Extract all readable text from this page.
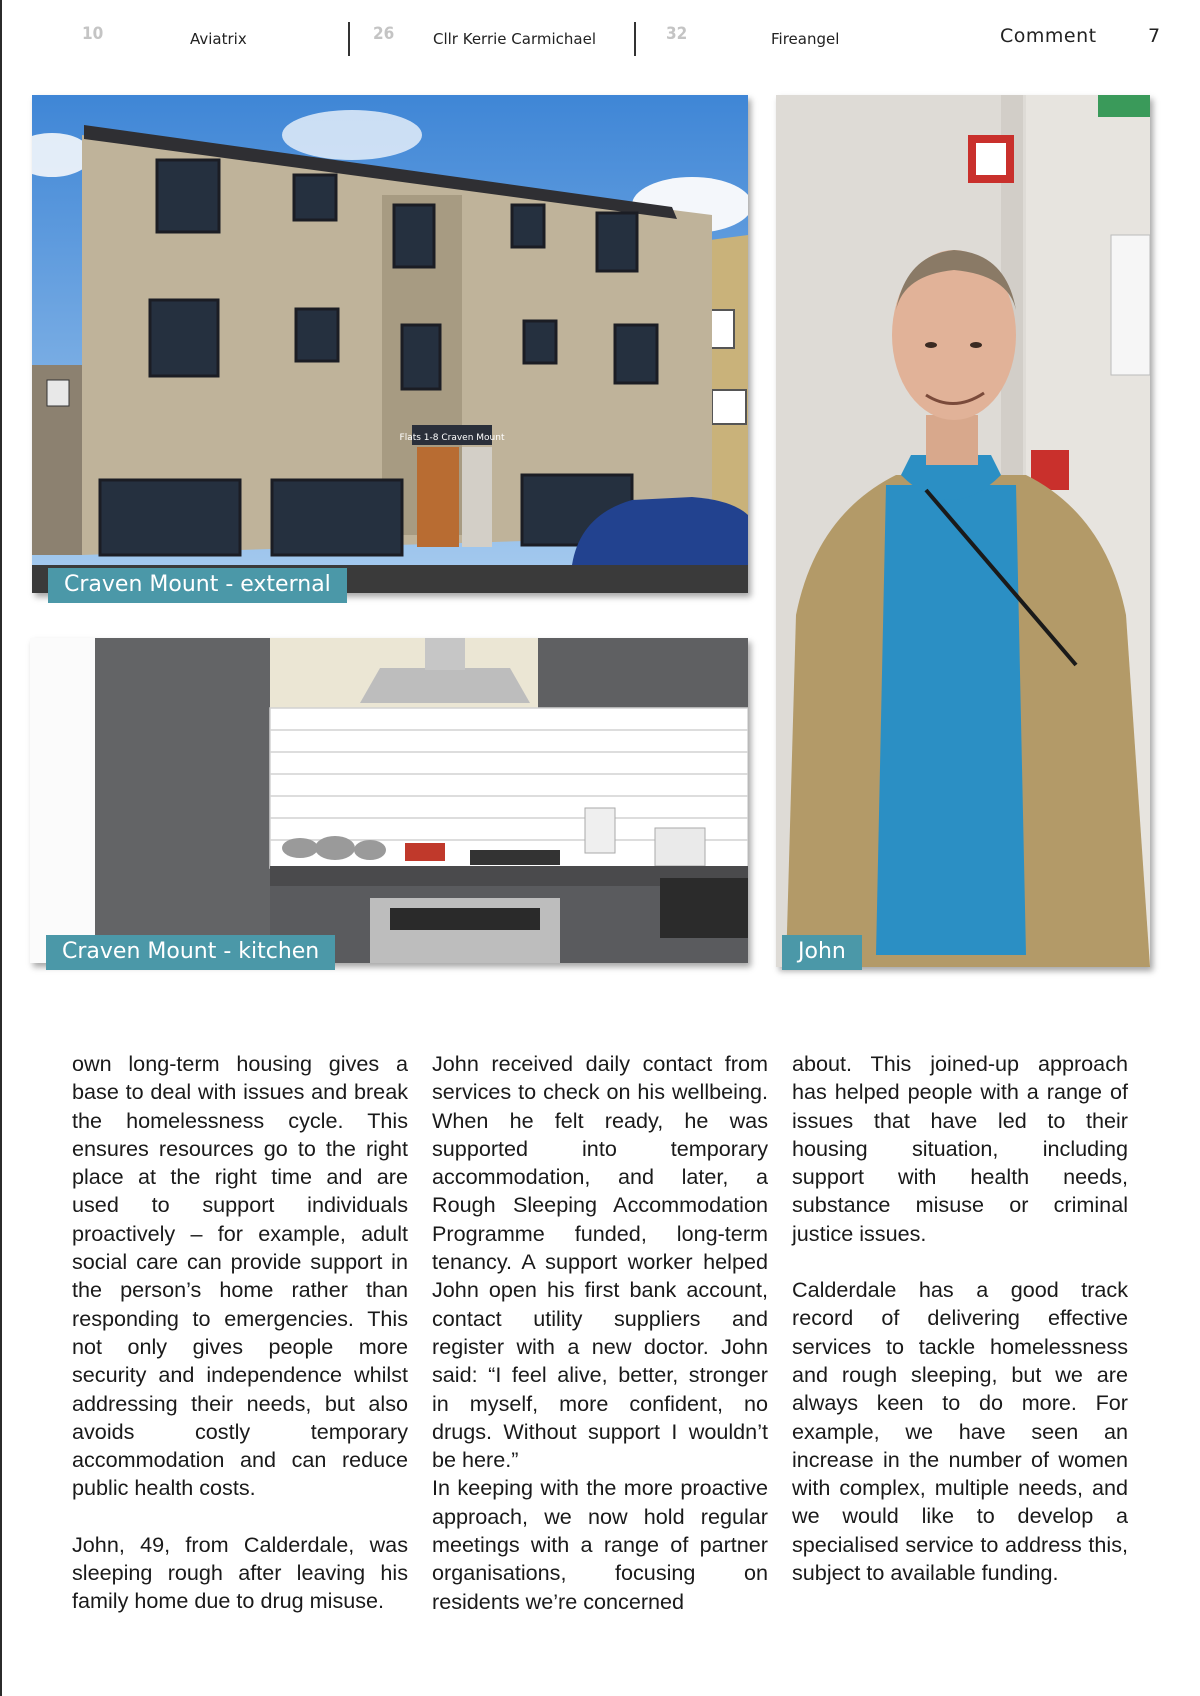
10	Aviatrix	26	Cllr Kerrie Carmichael	32	Fireangel	Comment	7
Flats 1-8 Craven Mount
Craven Mount - external
Craven Mount - kitchen	John

own long-term housing gives a base to deal with issues and break the homelessness cycle. This ensures resources go to the right place at the right time and are used to support individuals proactively – for example, adult social care can provide support in the person’s home rather than responding to emergencies. This not only gives people more security and independence whilst addressing their needs, but also avoids costly temporary accommodation and can reduce public health costs.

John, 49, from Calderdale, was sleeping rough after leaving his family home due to drug misuse.

John received daily contact from services to check on his wellbeing. When he felt ready, he was supported into temporary accommodation, and later, a Rough Sleeping Accommodation Programme funded, long-term tenancy. A support worker helped John open his first bank account, contact utility suppliers and register with a new doctor. John said: “I feel alive, better, stronger in myself, more confident, no drugs. Without support I wouldn’t be here.”

In keeping with the more proactive approach, we now hold regular meetings with a range of partner organisations, focusing on residents we’re concerned

about. This joined-up approach has helped people with a range of issues that have led to their housing situation, including support with health needs, substance misuse or criminal justice issues.

Calderdale has a good track record of delivering effective services to tackle homelessness and rough sleeping, but we are always keen to do more. For example, we have seen an increase in the number of women with complex, multiple needs, and we would like to develop a specialised service to address this, subject to available funding.
